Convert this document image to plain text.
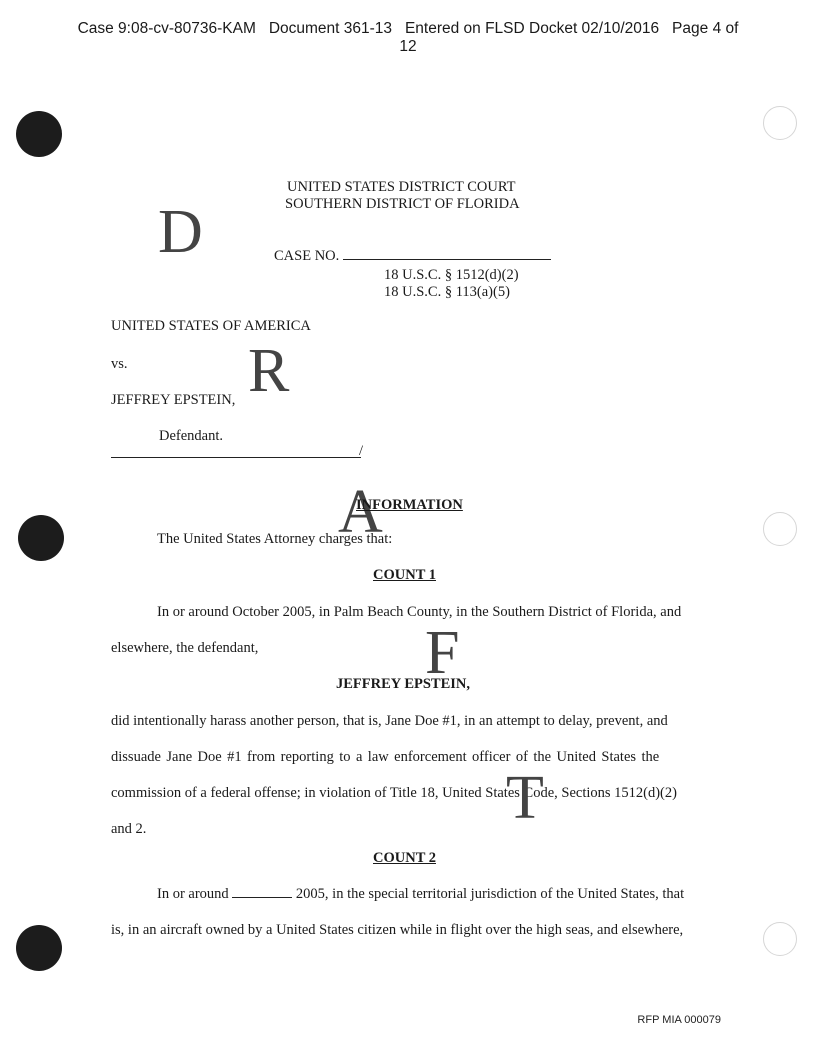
Case 9:08-cv-80736-KAM   Document 361-13   Entered on FLSD Docket 02/10/2016   Page 4 of
12
UNITED STATES DISTRICT COURT
SOUTHERN DISTRICT OF FLORIDA
D	CASE NO.
18 U.S.C. § 1512(d)(2)
18 U.S.C. § 113(a)(5)
UNITED STATES OF AMERICA
vs. R
JEFFREY EPSTEIN,
Defendant.
/
A
INFORMATION
The United States Attorney charges that:
COUNT 1
In or around October 2005, in Palm Beach County, in the Southern District of Florida, and
elsewhere, the defendant,	F
JEFFREY EPSTEIN,
did intentionally harass another person, that is, Jane Doe #1, in an attempt to delay, prevent, and
dissuade Jane Doe #1 from reporting to a law enforcement officer of the United States the
commission of a federal offense; in violation of Title 18, United States Code, Sections 1512(d)(2)
T
and 2.
COUNT 2
In or around	2005, in the special territorial jurisdiction of the United States, that
is, in an aircraft owned by a United States citizen while in flight over the high seas, and elsewhere,
RFP MIA 000079
